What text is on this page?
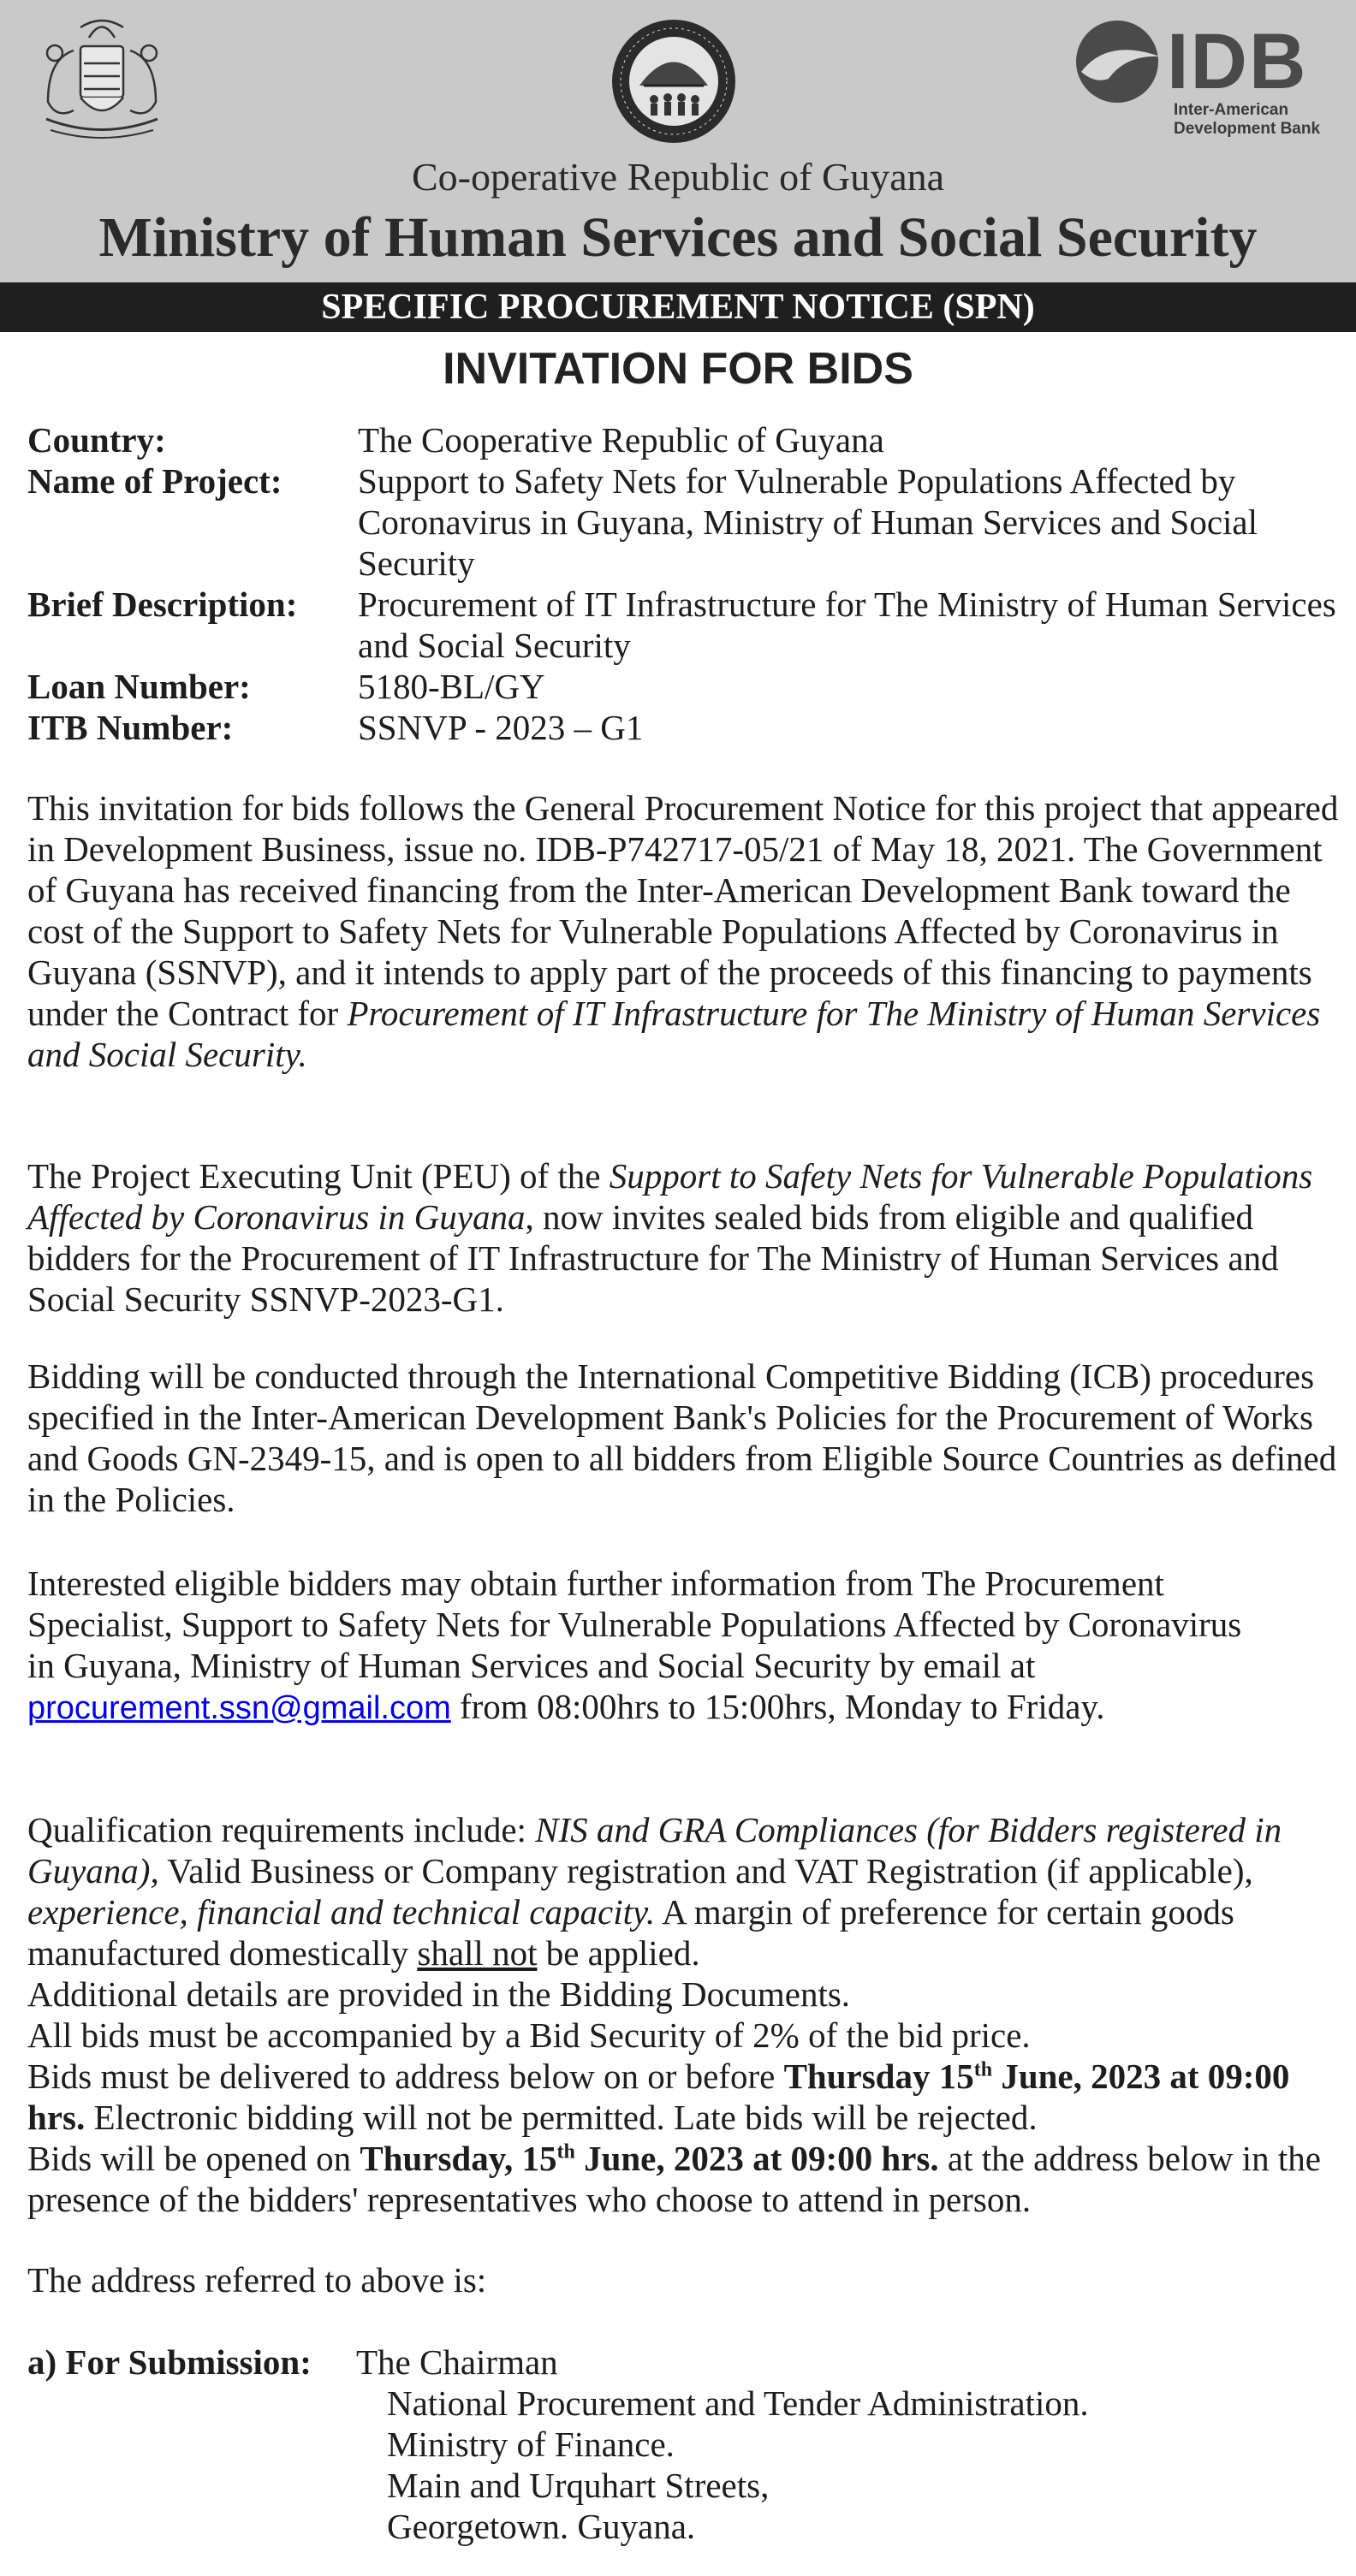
IDB
Inter-American
Development Bank
Co-operative Republic of Guyana
Ministry of Human Services and Social Security
SPECIFIC PROCUREMENT NOTICE (SPN)
INVITATION FOR BIDS
Country:	The Cooperative Republic of Guyana
Name of Project: Support to Safety Nets for Vulnerable Populations Affected by Coronavirus in Guyana, Ministry of Human Services and Social Security
Brief Description: Procurement of IT Infrastructure for The Ministry of Human Services and Social Security
Loan Number:	5180-BL/GY
ITB Number:	SSNVP - 2023 – G1
This invitation for bids follows the General Procurement Notice for this project that appeared in Development Business, issue no. IDB-P742717-05/21 of May 18, 2021. The Government of Guyana has received financing from the Inter-American Development Bank toward the cost of the Support to Safety Nets for Vulnerable Populations Affected by Coronavirus in Guyana (SSNVP), and it intends to apply part of the proceeds of this financing to payments under the Contract for Procurement of IT Infrastructure for The Ministry of Human Services and Social Security.
The Project Executing Unit (PEU) of the Support to Safety Nets for Vulnerable Populations Affected by Coronavirus in Guyana, now invites sealed bids from eligible and qualified bidders for the Procurement of IT Infrastructure for The Ministry of Human Services and Social Security SSNVP-2023-G1.
Bidding will be conducted through the International Competitive Bidding (ICB) procedures specified in the Inter-American Development Bank's Policies for the Procurement of Works and Goods GN-2349-15, and is open to all bidders from Eligible Source Countries as defined in the Policies.
Interested eligible bidders may obtain further information from The Procurement Specialist, Support to Safety Nets for Vulnerable Populations Affected by Coronavirus in Guyana, Ministry of Human Services and Social Security by email at procurement.ssn@gmail.com from 08:00hrs to 15:00hrs, Monday to Friday.
Qualification requirements include: NIS and GRA Compliances (for Bidders registered in Guyana), Valid Business or Company registration and VAT Registration (if applicable), experience, financial and technical capacity. A margin of preference for certain goods manufactured domestically shall not be applied.
Additional details are provided in the Bidding Documents.
All bids must be accompanied by a Bid Security of 2% of the bid price.
Bids must be delivered to address below on or before Thursday 15th June, 2023 at 09:00 hrs. Electronic bidding will not be permitted. Late bids will be rejected.
Bids will be opened on Thursday, 15th June, 2023 at 09:00 hrs. at the address below in the presence of the bidders' representatives who choose to attend in person.
The address referred to above is:
a) For Submission: The Chairman
National Procurement and Tender Administration.
Ministry of Finance.
Main and Urquhart Streets,
Georgetown. Guyana.
